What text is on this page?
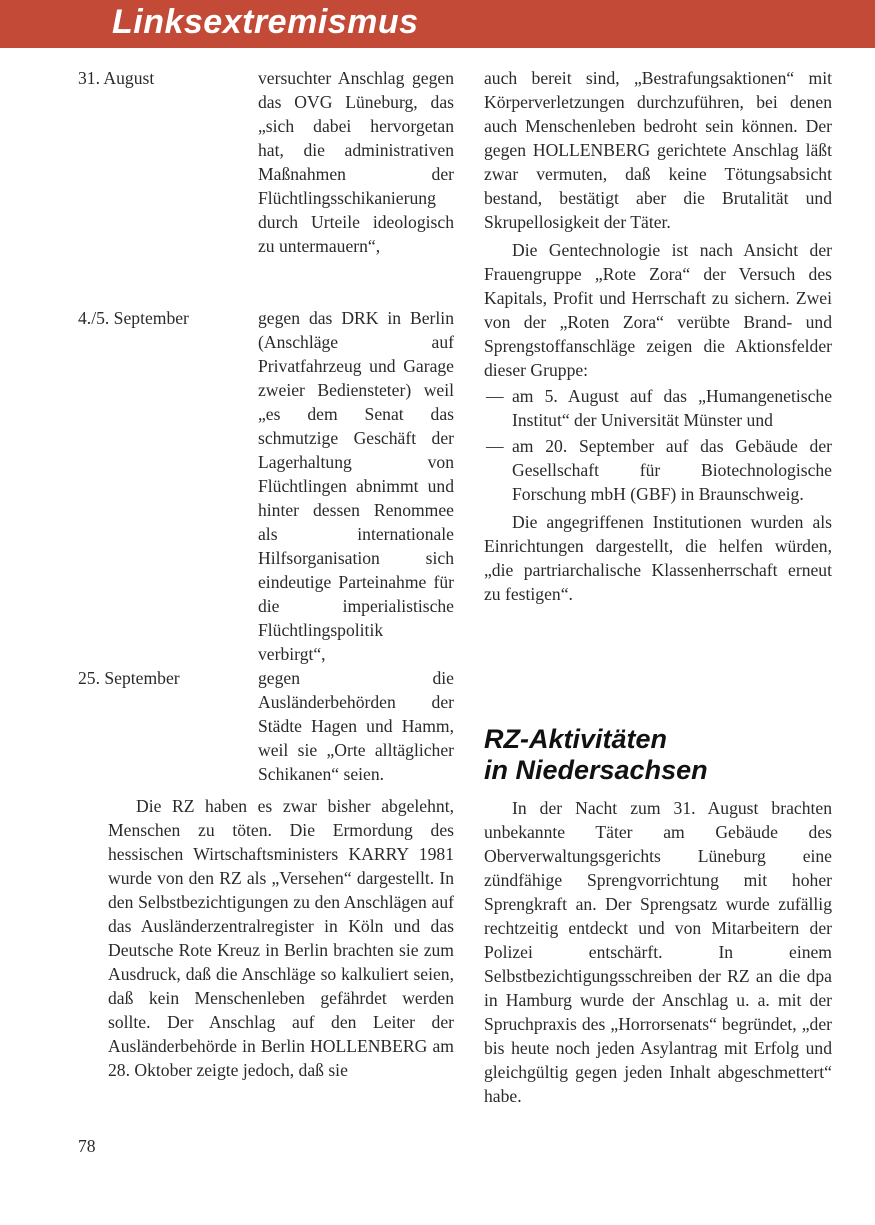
Linksextremismus
31. August
4./5. September
25. September

versuchter Anschlag gegen das OVG Lüneburg, das „sich dabei hervorgetan hat, die administrativen Maßnahmen der Flüchtlingsschikanierung durch Urteile ideologisch zu untermauern“,

gegen das DRK in Berlin (Anschläge auf Privatfahrzeug und Garage zweier Bediensteter) weil „es dem Senat das schmutzige Geschäft der Lagerhaltung von Flüchtlingen abnimmt und hinter dessen Renommee als internationale Hilfsorganisation sich eindeutige Parteinahme für die imperialistische Flüchtlingspolitik verbirgt“,

gegen die Ausländerbehörden der Städte Hagen und Hamm, weil sie „Orte alltäglicher Schikanen“ seien.

Die RZ haben es zwar bisher abgelehnt, Menschen zu töten. Die Ermordung des hessischen Wirtschaftsministers KARRY 1981 wurde von den RZ als „Versehen“ dargestellt. In den Selbstbezichtigungen zu den Anschlägen auf das Ausländerzentralregister in Köln und das Deutsche Rote Kreuz in Berlin brachten sie zum Ausdruck, daß die Anschläge so kalkuliert seien, daß kein Menschenleben gefährdet werden sollte. Der Anschlag auf den Leiter der Ausländerbehörde in Berlin HOLLENBERG am 28. Oktober zeigte jedoch, daß sie

auch bereit sind, „Bestrafungsaktionen“ mit Körperverletzungen durchzuführen, bei denen auch Menschenleben bedroht sein können. Der gegen HOLLENBERG gerichtete Anschlag läßt zwar vermuten, daß keine Tötungsabsicht bestand, bestätigt aber die Brutalität und Skrupellosigkeit der Täter.

Die Gentechnologie ist nach Ansicht der Frauengruppe „Rote Zora“ der Versuch des Kapitals, Profit und Herrschaft zu sichern. Zwei von der „Roten Zora“ verübte Brand- und Sprengstoffanschläge zeigen die Aktionsfelder dieser Gruppe:

— am 5. August auf das „Humangenetische Institut“ der Universität Münster und
— am 20. September auf das Gebäude der Gesellschaft für Biotechnologische Forschung mbH (GBF) in Braunschweig.

Die angegriffenen Institutionen wurden als Einrichtungen dargestellt, die helfen würden, „die partriarchalische Klassenherrschaft erneut zu festigen“.

RZ-Aktivitäten
in Niedersachsen

In der Nacht zum 31. August brachten unbekannte Täter am Gebäude des Oberverwaltungsgerichts Lüneburg eine zündfähige Sprengvorrichtung mit hoher Sprengkraft an. Der Sprengsatz wurde zufällig rechtzeitig entdeckt und von Mitarbeitern der Polizei entschärft. In einem Selbstbezichtigungsschreiben der RZ an die dpa in Hamburg wurde der Anschlag u. a. mit der Spruchpraxis des „Horrorsenats“ begründet, „der bis heute noch jeden Asylantrag mit Erfolg und gleichgültig gegen jeden Inhalt abgeschmettert“ habe.

78
